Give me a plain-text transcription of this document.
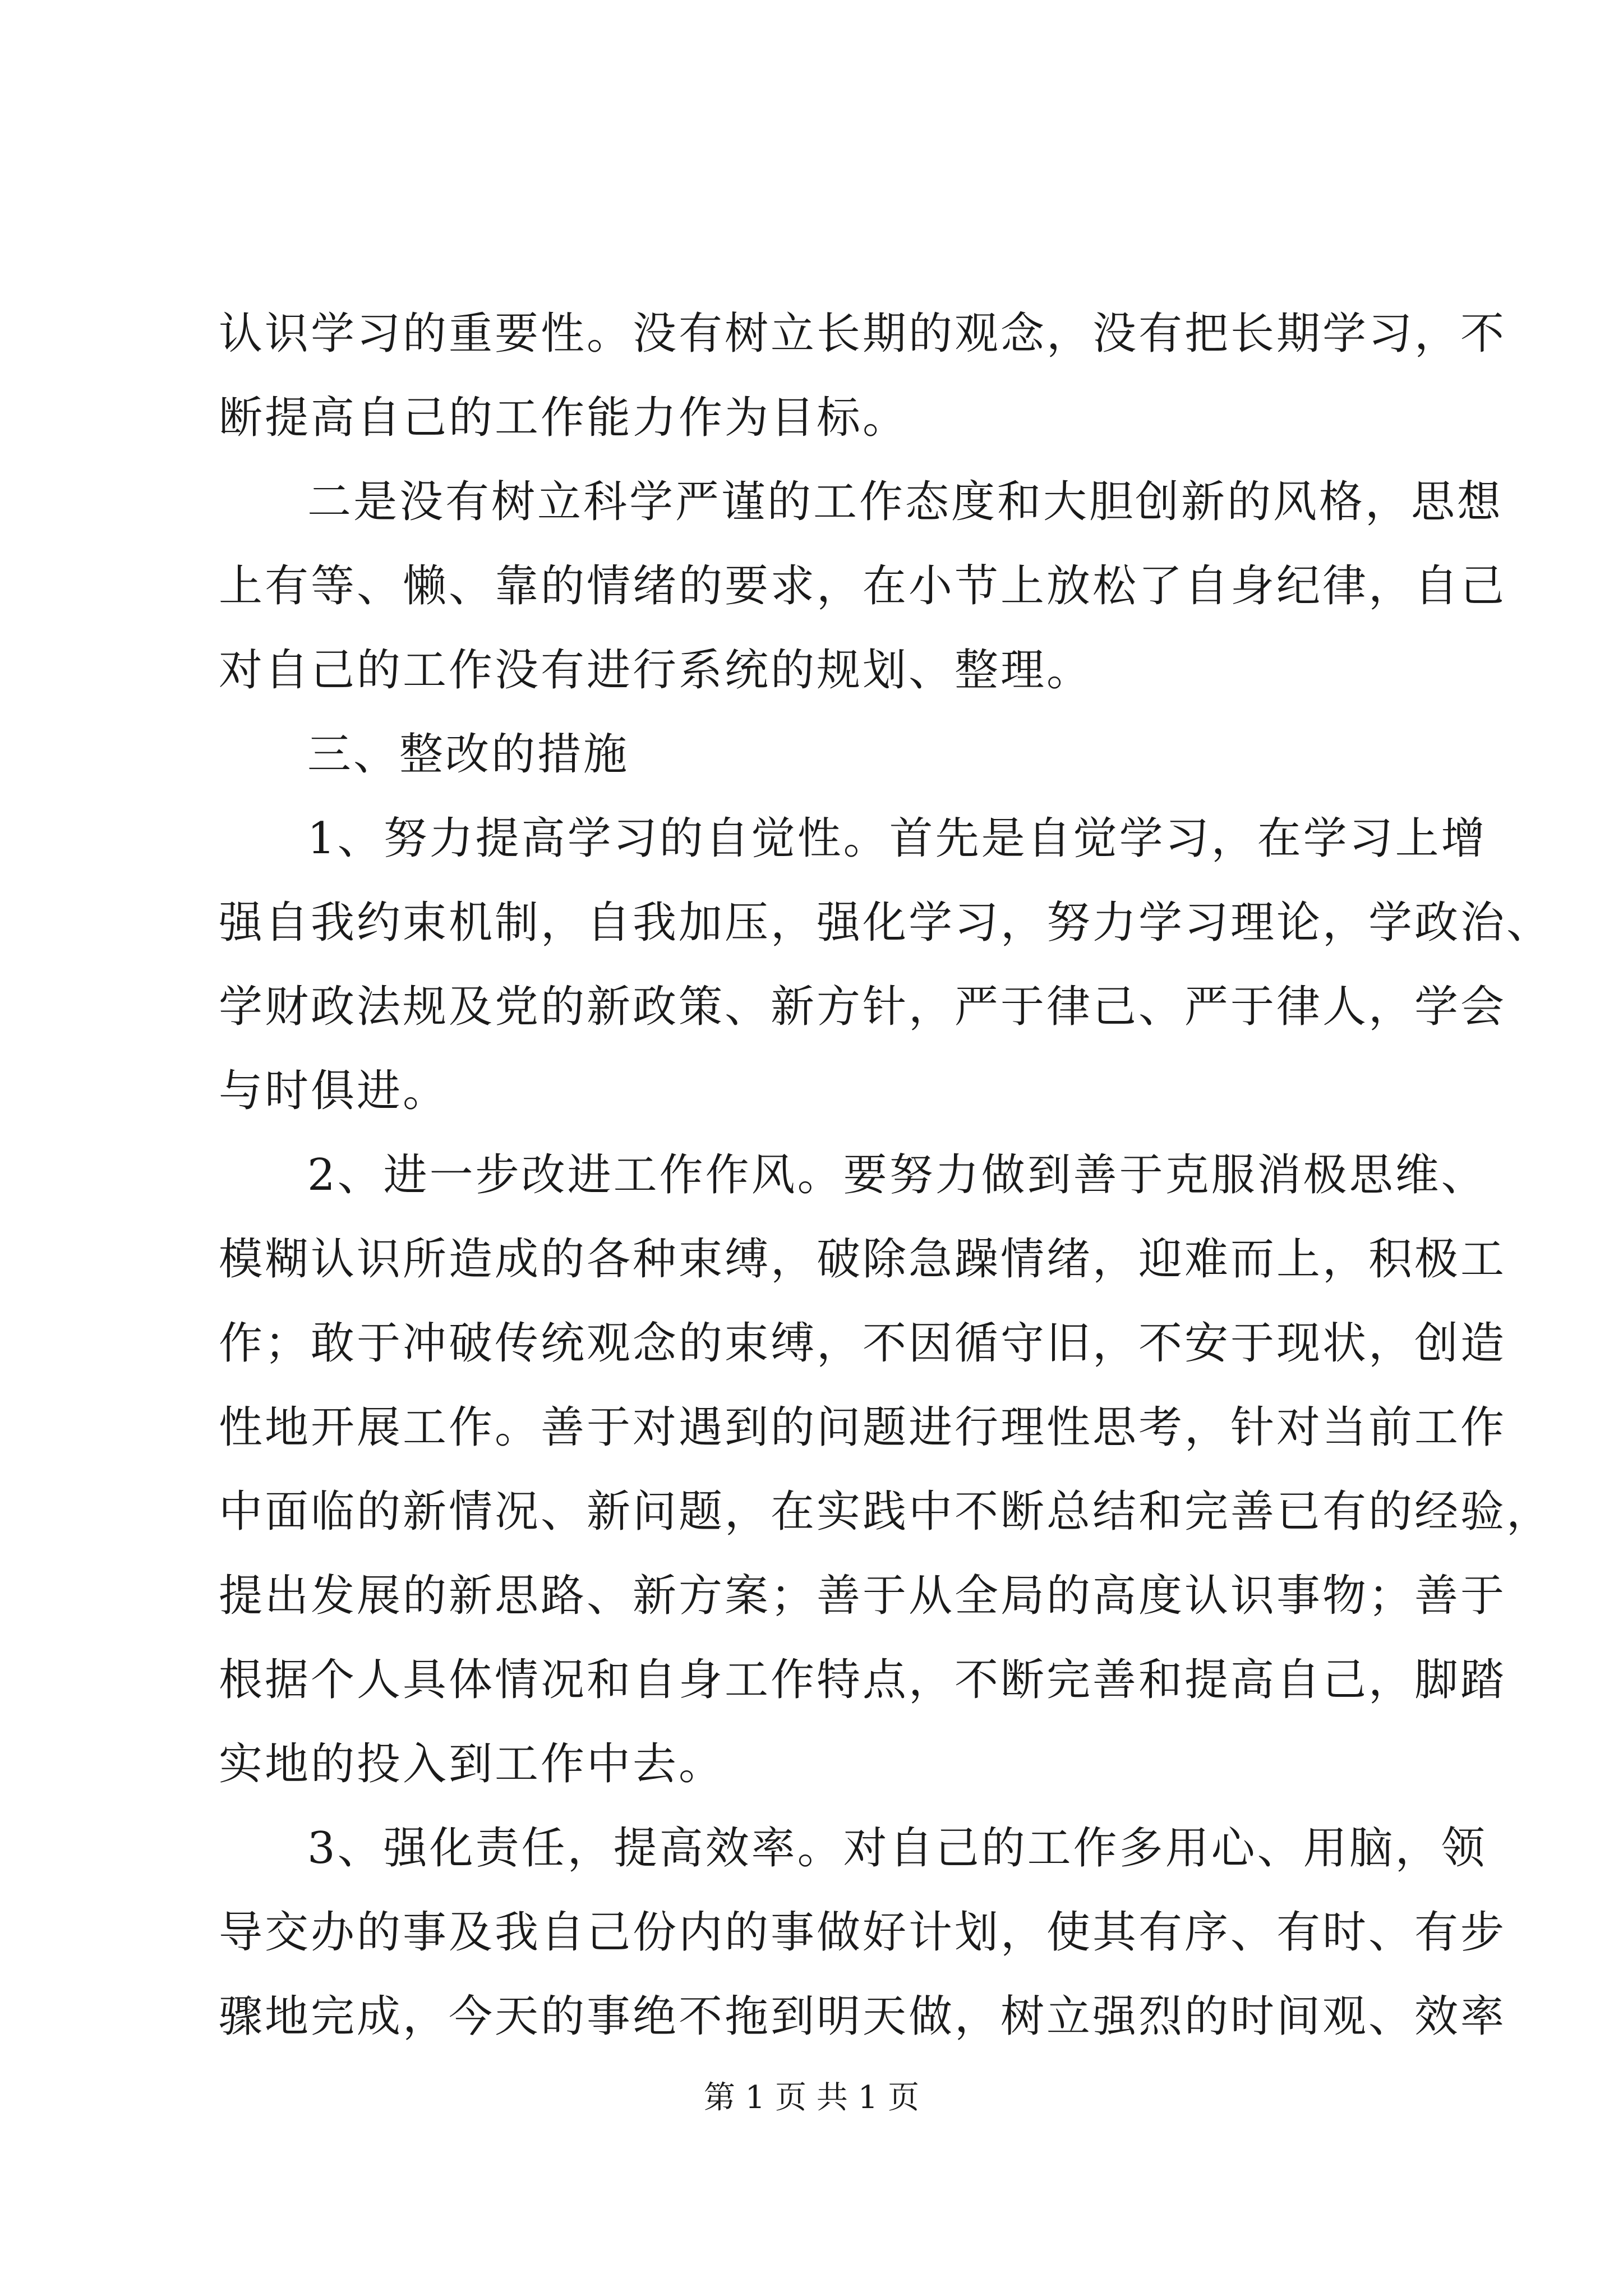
认识学习的重要性。没有树立长期的观念，没有把长期学习，不
断提高自己的工作能力作为目标。
二是没有树立科学严谨的工作态度和大胆创新的风格，思想
上有等、懒、靠的情绪的要求，在小节上放松了自身纪律，自己
对自己的工作没有进行系统的规划、整理。
三、整改的措施
1、努力提高学习的自觉性。首先是自觉学习，在学习上增
强自我约束机制，自我加压，强化学习，努力学习理论，学政治、
学财政法规及党的新政策、新方针，严于律己、严于律人，学会
与时俱进。
2、进一步改进工作作风。要努力做到善于克服消极思维、
模糊认识所造成的各种束缚，破除急躁情绪，迎难而上，积极工
作；敢于冲破传统观念的束缚，不因循守旧，不安于现状，创造
性地开展工作。善于对遇到的问题进行理性思考，针对当前工作
中面临的新情况、新问题，在实践中不断总结和完善已有的经验，
提出发展的新思路、新方案；善于从全局的高度认识事物；善于
根据个人具体情况和自身工作特点，不断完善和提高自己，脚踏
实地的投入到工作中去。
3、强化责任，提高效率。对自己的工作多用心、用脑，领
导交办的事及我自己份内的事做好计划，使其有序、有时、有步
骤地完成，今天的事绝不拖到明天做，树立强烈的时间观、效率
第 1 页 共 1 页
